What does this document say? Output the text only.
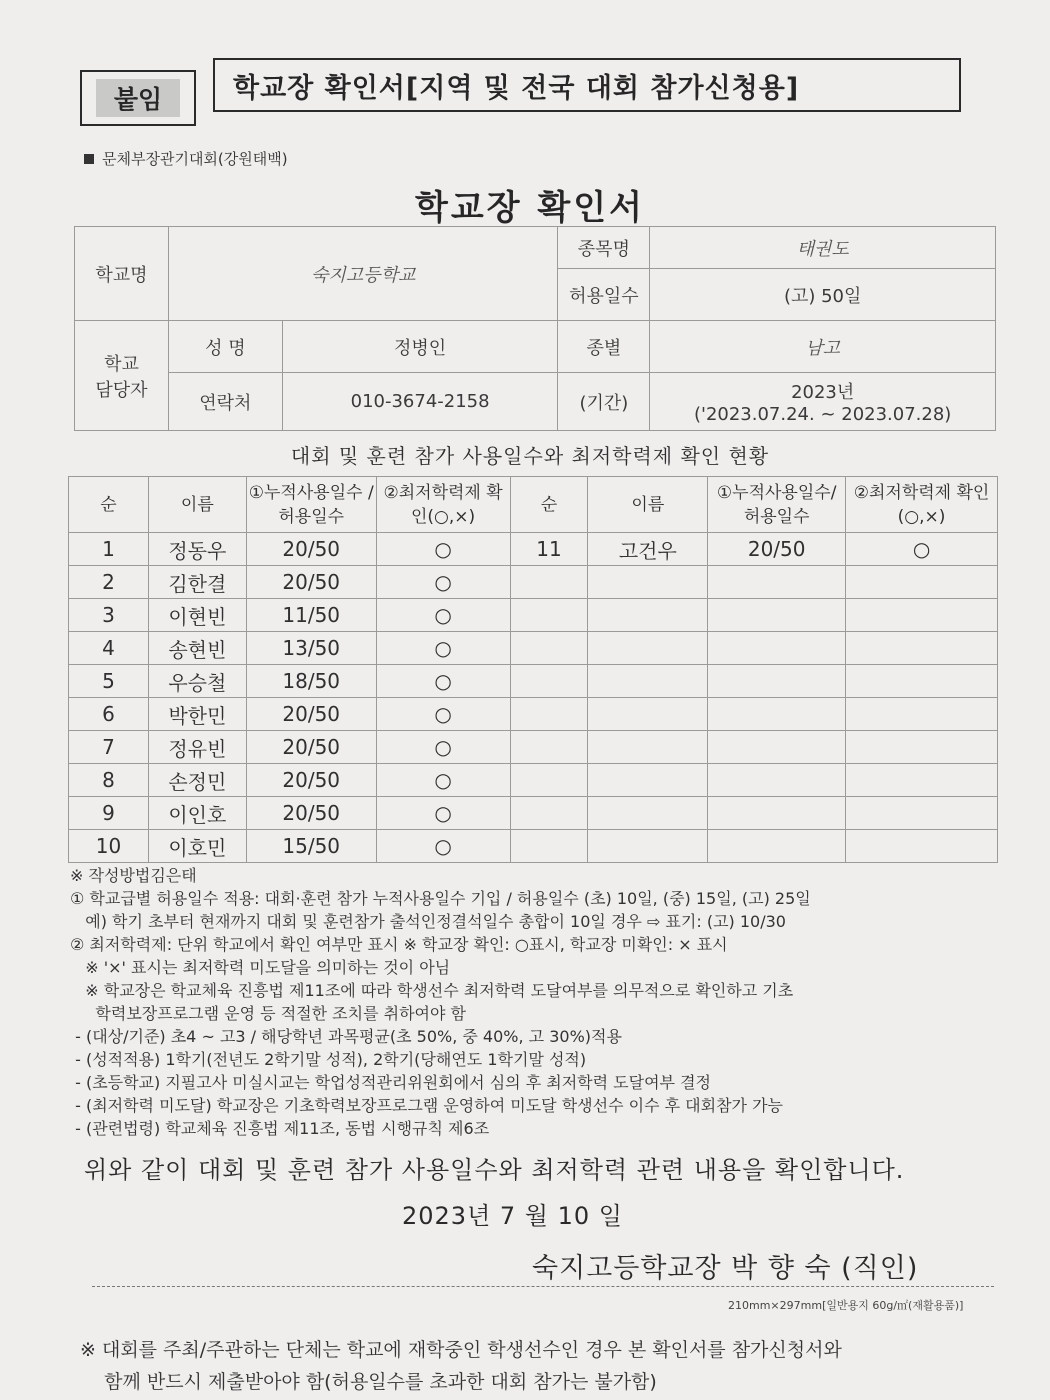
붙임	학교장 확인서[지역 및 전국 대회 참가신청용]
문체부장관기대회(강원태백)
학교장 확인서
학교명	숙지고등학교		종목명	태권도
			허용일수	(고) 50일
학교 담당자	성 명	정병인	종별	남고
	연락처	010-3674-2158	(기간)	2023년
('2023.07.24. ~ 2023.07.28)
대회 및 훈련 참가 사용일수와 최저학력제 확인 현황
순	이름	①누적사용일수 /허용일수	②최저학력제 확인(○,×)	순	이름	①누적사용일수/ 허용일수	②최저학력제 확인(○,×)
1	정동우	20/50	○	11	고건우	20/50	○
2	김한결	20/50	○				
3	이현빈	11/50	○				
4	송현빈	13/50	○				
5	우승철	18/50	○				
6	박한민	20/50	○				
7	정유빈	20/50	○				
8	손정민	20/50	○				
9	이인호	20/50	○				
10	이호민	15/50	○				
※ 작성방법김은태
① 학교급별 허용일수 적용: 대회·훈련 참가 누적사용일수 기입 / 허용일수 (초) 10일, (중) 15일, (고) 25일
예) 학기 초부터 현재까지 대회 및 훈련참가 출석인정결석일수 총합이 10일 경우 ⇨ 표기: (고) 10/30
② 최저학력제: 단위 학교에서 확인 여부만 표시 ※ 학교장 확인: ○표시, 학교장 미확인: × 표시
※ '×' 표시는 최저학력 미도달을 의미하는 것이 아님
※ 학교장은 학교체육 진흥법 제11조에 따라 학생선수 최저학력 도달여부를 의무적으로 확인하고 기초
학력보장프로그램 운영 등 적절한 조치를 취하여야 함
- (대상/기준) 초4 ~ 고3 / 해당학년 과목평균(초 50%, 중 40%, 고 30%)적용
- (성적적용) 1학기(전년도 2학기말 성적), 2학기(당해연도 1학기말 성적)
- (초등학교) 지필고사 미실시교는 학업성적관리위원회에서 심의 후 최저학력 도달여부 결정
- (최저학력 미도달) 학교장은 기초학력보장프로그램 운영하여 미도달 학생선수 이수 후 대회참가 가능
- (관련법령) 학교체육 진흥법 제11조, 동법 시행규칙 제6조
위와 같이 대회 및 훈련 참가 사용일수와 최저학력 관련 내용을 확인합니다.
2023년 7 월 10 일
숙지고등학교장 박 향 숙 (직인)
210mm×297mm[일반용지 60g/㎡(재활용품)]
※ 대회를 주최/주관하는 단체는 학교에 재학중인 학생선수인 경우 본 확인서를 참가신청서와
함께 반드시 제출받아야 함(허용일수를 초과한 대회 참가는 불가함)
